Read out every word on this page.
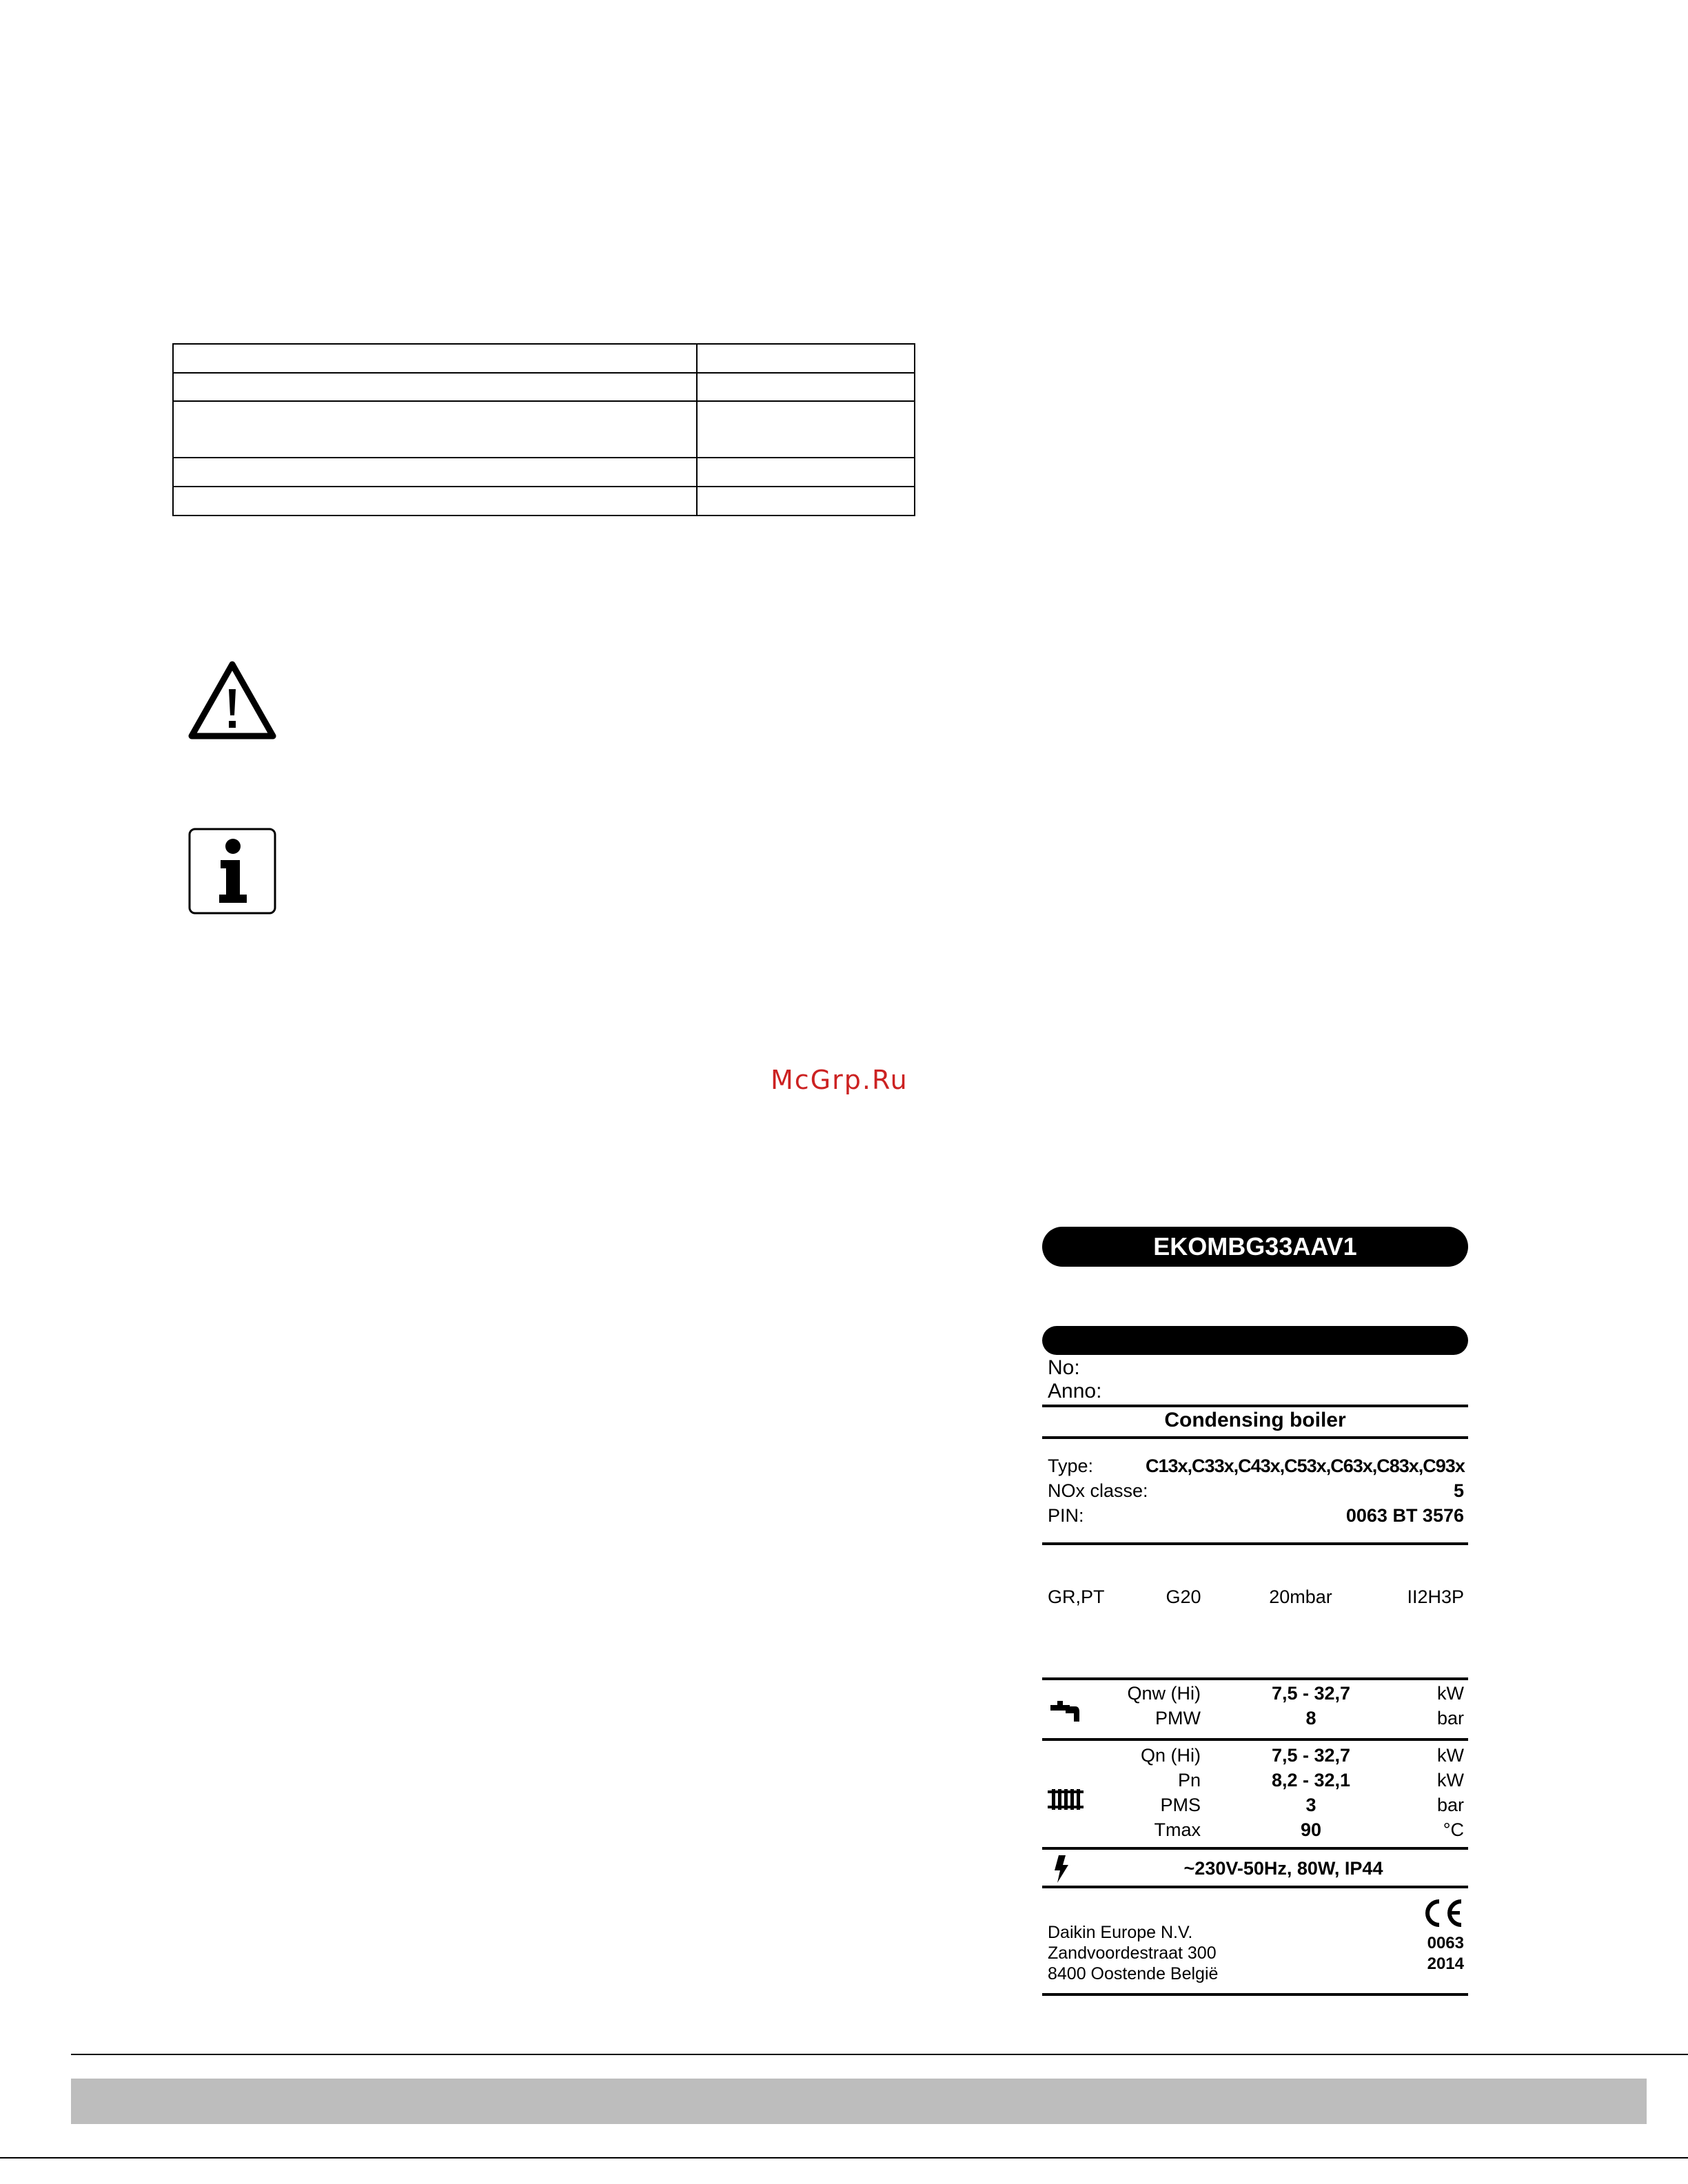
McGrp.Ru
EKOMBG33AAV1
No:
Anno:
Condensing boiler
Type:	C13x,C33x,C43x,C53x,C63x,C83x,C93x
NOx classe:	5
PIN:	0063 BT 3576
GR,PT	G20	20mbar	II2H3P
Qnw (Hi)	7,5 - 32,7	kW
PMW	8	bar
Qn (Hi)	7,5 - 32,7	kW
Pn	8,2 - 32,1	kW
PMS	3	bar
Tmax	90	°C
~230V-50Hz, 80W, IP44
Daikin Europe N.V.
Zandvoordestraat 300
8400 Oostende België
0063
2014
